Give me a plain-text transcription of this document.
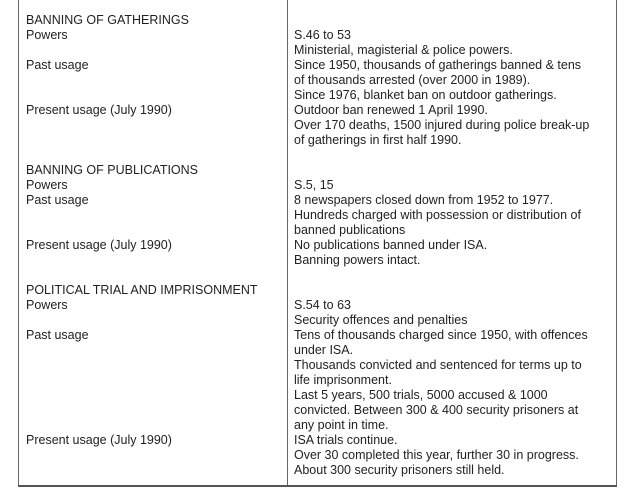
BANNING OF GATHERINGS
Powers	S.46 to 53
Ministerial, magisterial & police powers.
Past usage	Since 1950, thousands of gatherings banned & tens
of thousands arrested (over 2000 in 1989).
Since 1976, blanket ban on outdoor gatherings.
Present usage (July 1990)	Outdoor ban renewed 1 April 1990.
Over 170 deaths, 1500 injured during police break-up
of gatherings in first half 1990.
BANNING OF PUBLICATIONS
Powers	S.5, 15
Past usage	8 newspapers closed down from 1952 to 1977.
Hundreds charged with possession or distribution of
banned publications
Present usage (July 1990)	No publications banned under ISA.
Banning powers intact.
POLITICAL TRIAL AND IMPRISONMENT
Powers	S.54 to 63
Security offences and penalties
Past usage	Tens of thousands charged since 1950, with offences
under ISA.
Thousands convicted and sentenced for terms up to
life imprisonment.
Last 5 years, 500 trials, 5000 accused & 1000
convicted. Between 300 & 400 security prisoners at
any point in time.
Present usage (July 1990)	ISA trials continue.
Over 30 completed this year, further 30 in progress.
About 300 security prisoners still held.
